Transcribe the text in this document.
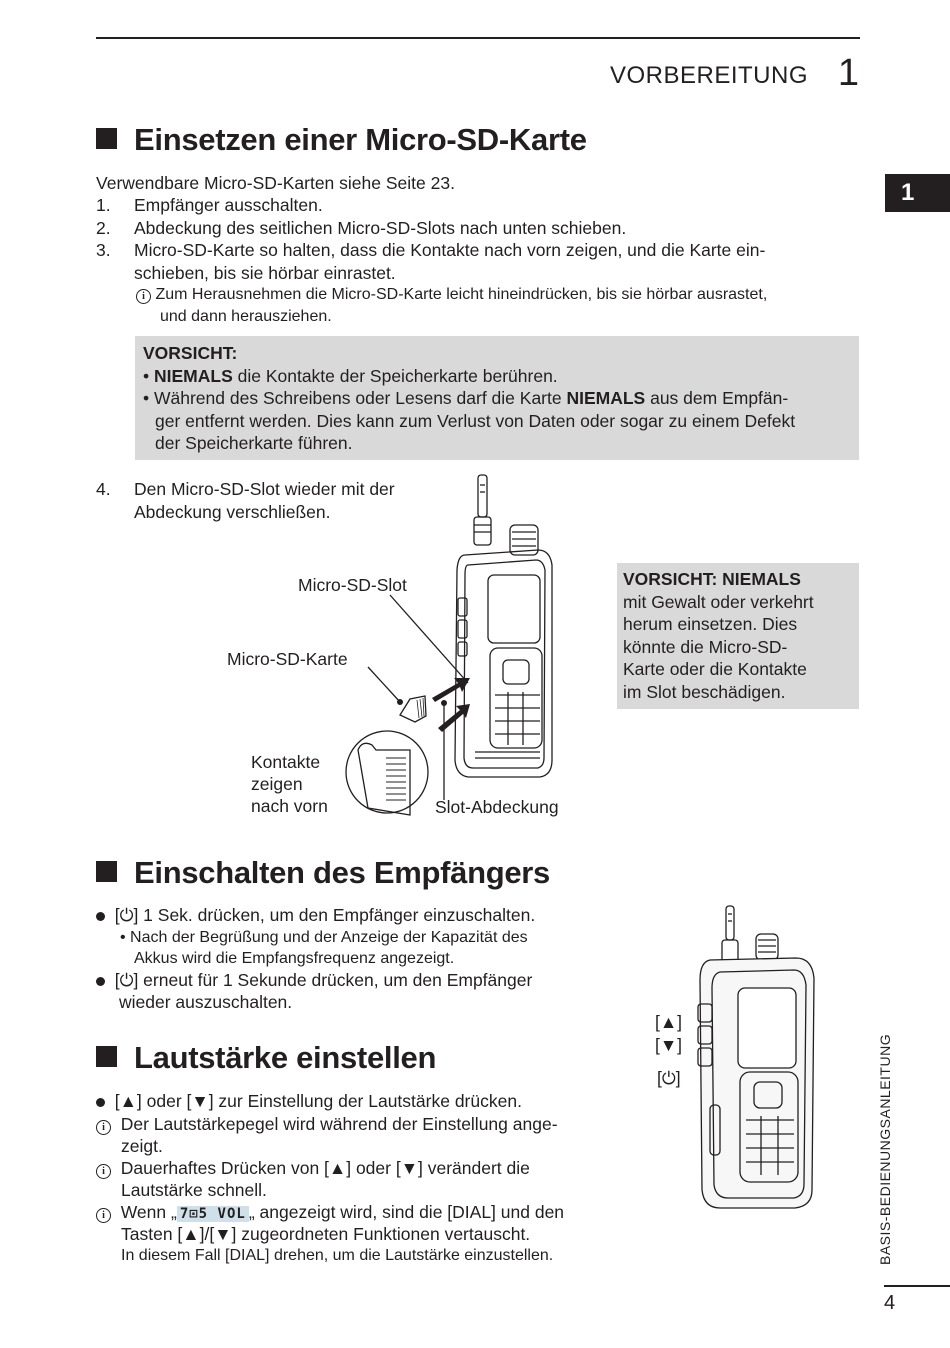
VORBEREITUNG 1
1
Einsetzen einer Micro-SD-Karte
Verwendbare Micro-SD-Karten siehe Seite 23.
1. Empfänger ausschalten.
2. Abdeckung des seitlichen Micro-SD-Slots nach unten schieben.
3. Micro-SD-Karte so halten, dass die Kontakte nach vorn zeigen, und die Karte ein-
schieben, bis sie hörbar einrastet.
i Zum Herausnehmen die Micro-SD-Karte leicht hineindrücken, bis sie hörbar ausrastet,
und dann herausziehen.
VORSICHT:
• NIEMALS die Kontakte der Speicherkarte berühren.
• Während des Schreibens oder Lesens darf die Karte NIEMALS aus dem Empfän-
ger entfernt werden. Dies kann zum Verlust von Daten oder sogar zu einem Defekt
der Speicherkarte führen.
4. Den Micro-SD-Slot wieder mit der
Abdeckung verschließen.
Micro-SD-Slot
Micro-SD-Karte
Kontakte
zeigen
nach vorn	Slot-Abdeckung
VORSICHT: NIEMALS
mit Gewalt oder verkehrt
herum einsetzen. Dies
könnte die Micro-SD-
Karte oder die Kontakte
im Slot beschädigen.
Einschalten des Empfängers
[⏻] 1 Sek. drücken, um den Empfänger einzuschalten.
• Nach der Begrüßung und der Anzeige der Kapazität des
Akkus wird die Empfangsfrequenz angezeigt.
[⏻] erneut für 1 Sekunde drücken, um den Empfänger
wieder auszuschalten.
Lautstärke einstellen
[▲] oder [▼] zur Einstellung der Lautstärke drücken.
i Der Lautstärkepegel wird während der Einstellung ange-
zeigt.
i Dauerhaftes Drücken von [▲] oder [▼] verändert die
Lautstärke schnell.
i Wenn „ 7⊡5 VOL „ angezeigt wird, sind die [DIAL] und den
Tasten [▲]/[▼] zugeordneten Funktionen vertauscht.
In diesem Fall [DIAL] drehen, um die Lautstärke einzustellen.
[▲]
[▼]
[⏻]	BASIS-BEDIENUNGSANLEITUNG
4
